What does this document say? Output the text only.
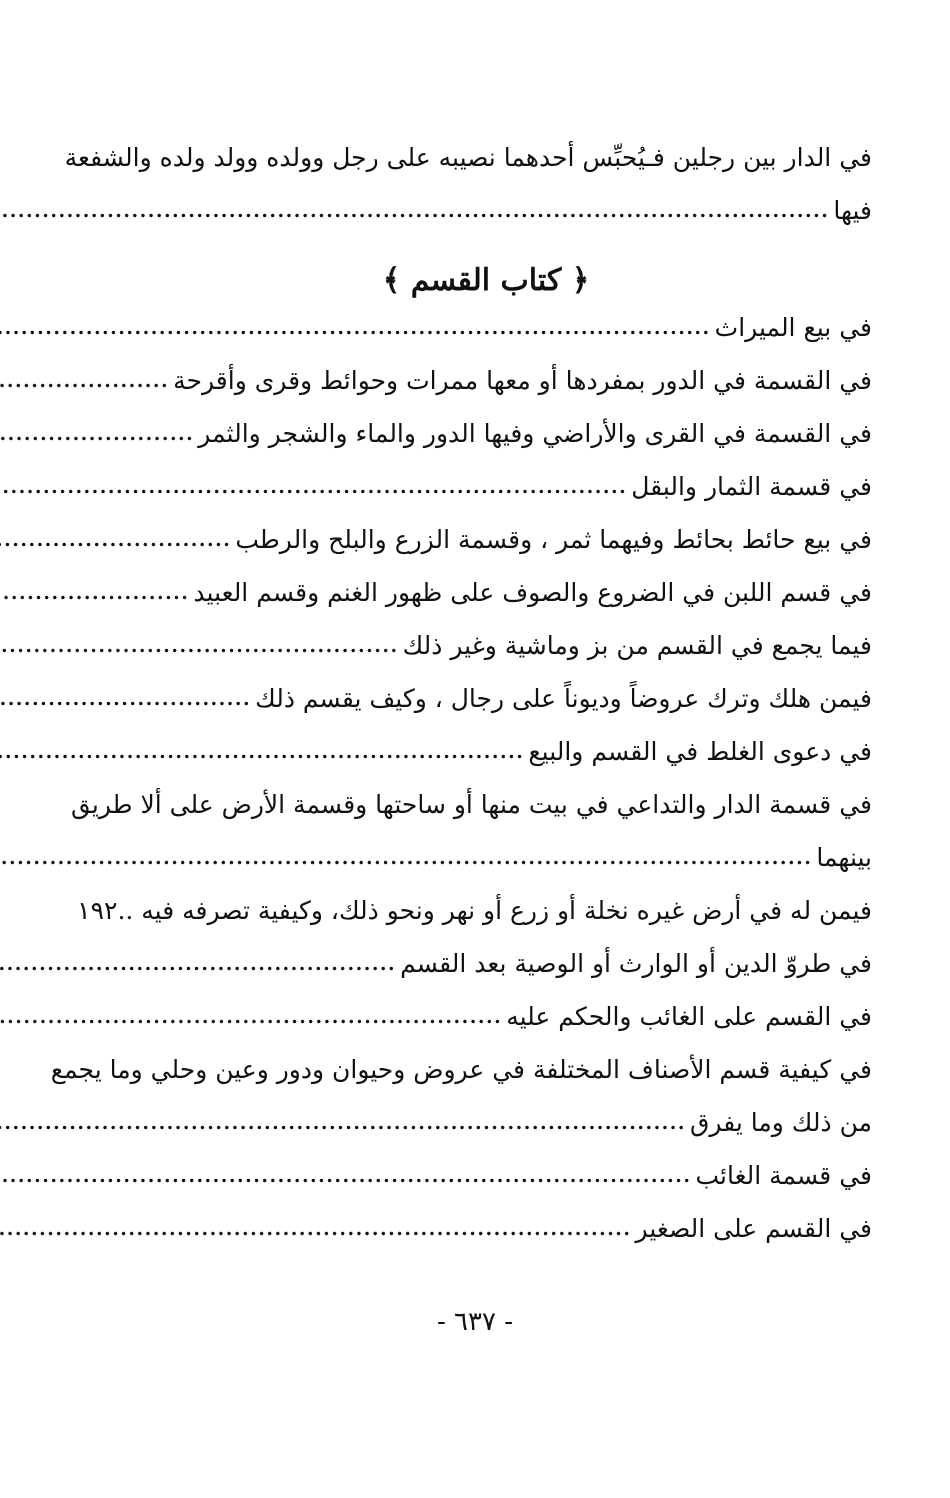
في الدار بين رجلين فـيُحبِّس أحدهما نصيبه على رجل وولده وولد ولده والشفعة
فيها
.....
﴿ كتاب القسم ﴾
في بيع الميراث
.....
في القسمة في الدور بمفردها أو معها ممرات وحوائط وقرى وأقرحة
.....
في القسمة في القرى والأراضي وفيها الدور والماء والشجر والثمر
.....
في قسمة الثمار والبقل
.....
في بيع حائط بحائط وفيهما ثمر ، وقسمة الزرع والبلح والرطب
.....
في قسم اللبن في الضروع والصوف على ظهور الغنم وقسم العبيد
.....
فيما يجمع في القسم من بز وماشية وغير ذلك
.....
فيمن هلك وترك عروضاً وديوناً على رجال ، وكيف يقسم ذلك
.....
في دعوى الغلط في القسم والبيع
.....
في قسمة الدار والتداعي في بيت منها أو ساحتها وقسمة الأرض على ألا طريق
بينهما
.....
فيمن له في أرض غيره نخلة أو زرع أو نهر ونحو ذلك، وكيفية تصرفه فيه ..
١٩٢
في طروّ الدين أو الوارث أو الوصية بعد القسم
.....
في القسم على الغائب والحكم عليه
.....
في كيفية قسم الأصناف المختلفة في عروض وحيوان ودور وعين وحلي وما يجمع
من ذلك وما يفرق
.....
في قسمة الغائب
.....
في القسم على الصغير
.....
- ٦٣٧ -
